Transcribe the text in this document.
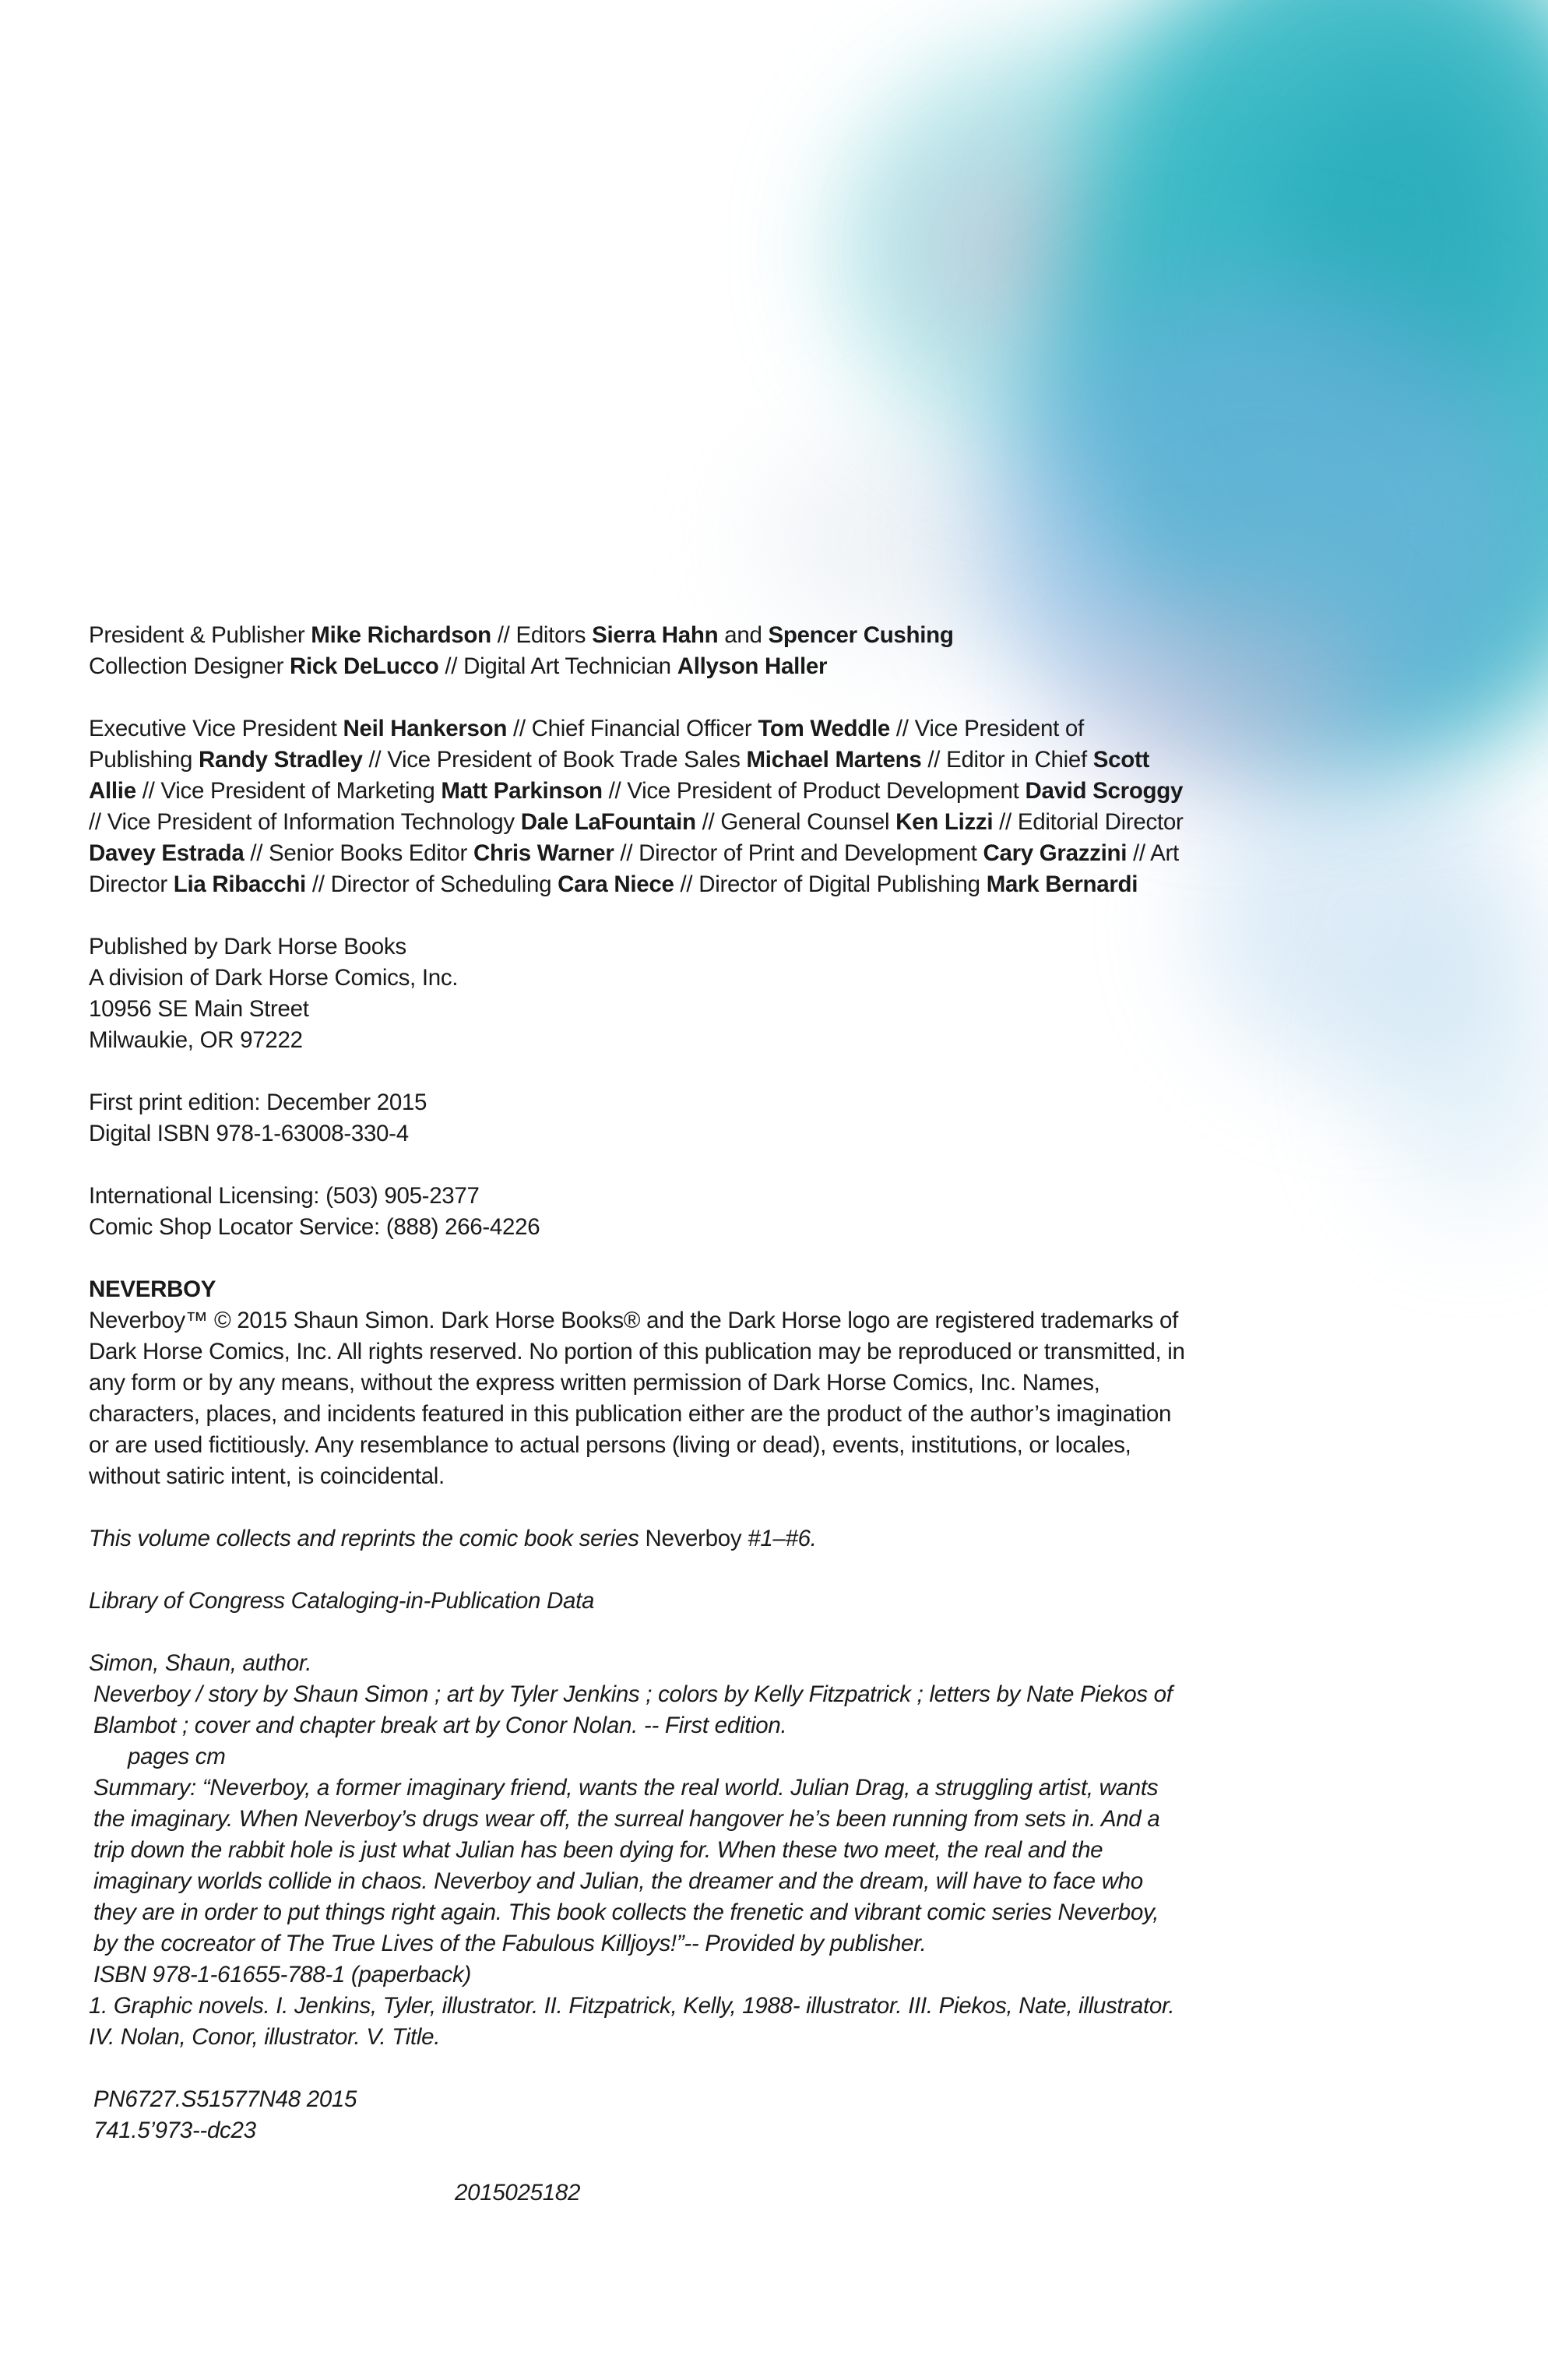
President & Publisher Mike Richardson // Editors Sierra Hahn and Spencer Cushing

Collection Designer Rick DeLucco // Digital Art Technician Allyson Haller

Executive Vice President Neil Hankerson // Chief Financial Officer Tom Weddle // Vice President of Publishing Randy Stradley // Vice President of Book Trade Sales Michael Martens // Editor in Chief Scott Allie // Vice President of Marketing Matt Parkinson // Vice President of Product Development David Scroggy // Vice President of Information Technology Dale LaFountain // General Counsel Ken Lizzi // Editorial Director Davey Estrada // Senior Books Editor Chris Warner // Director of Print and Development Cary Grazzini // Art Director Lia Ribacchi // Director of Scheduling Cara Niece // Director of Digital Publishing Mark Bernardi

Published by Dark Horse Books

A division of Dark Horse Comics, Inc.

10956 SE Main Street

Milwaukie, OR 97222

First print edition: December 2015

Digital ISBN 978-1-63008-330-4

International Licensing: (503) 905-2377

Comic Shop Locator Service: (888) 266-4226

NEVERBOY

Neverboy™ © 2015 Shaun Simon. Dark Horse Books® and the Dark Horse logo are registered trademarks of Dark Horse Comics, Inc. All rights reserved. No portion of this publication may be reproduced or transmitted, in any form or by any means, without the express written permission of Dark Horse Comics, Inc. Names, characters, places, and incidents featured in this publication either are the product of the author’s imagination or are used fictitiously. Any resemblance to actual persons (living or dead), events, institutions, or locales, without satiric intent, is coincidental.

This volume collects and reprints the comic book series Neverboy #1–#6.

Library of Congress Cataloging-in-Publication Data

Simon, Shaun, author.

Neverboy / story by Shaun Simon ; art by Tyler Jenkins ; colors by Kelly Fitzpatrick ; letters by Nate Piekos of Blambot ; cover and chapter break art by Conor Nolan. -- First edition.

pages cm

Summary: “Neverboy, a former imaginary friend, wants the real world. Julian Drag, a struggling artist, wants the imaginary. When Neverboy’s drugs wear off, the surreal hangover he’s been running from sets in. And a trip down the rabbit hole is just what Julian has been dying for. When these two meet, the real and the imaginary worlds collide in chaos. Neverboy and Julian, the dreamer and the dream, will have to face who they are in order to put things right again. This book collects the frenetic and vibrant comic series Neverboy, by the cocreator of The True Lives of the Fabulous Killjoys!”-- Provided by publisher.

ISBN 978-1-61655-788-1 (paperback)

1. Graphic novels. I. Jenkins, Tyler, illustrator. II. Fitzpatrick, Kelly, 1988- illustrator. III. Piekos, Nate, illustrator. IV. Nolan, Conor, illustrator. V. Title.

PN6727.S51577N48 2015

741.5’973--dc23

2015025182
